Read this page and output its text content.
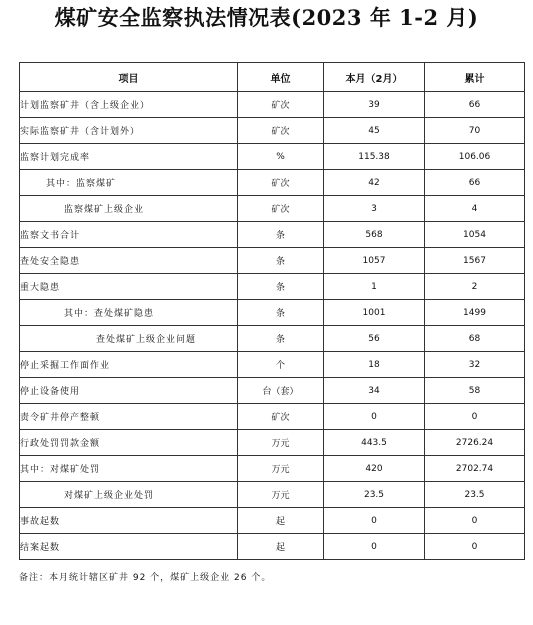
煤矿安全监察执法情况表(2023 年 1-2 月)
项目	单位	本月（2月）	累计
计划监察矿井（含上级企业）	矿次	39	66
实际监察矿井（含计划外）	矿次	45	70
监察计划完成率	%	115.38	106.06
其中：监察煤矿	矿次	42	66
监察煤矿上级企业	矿次	3	4
监察文书合计	条	568	1054
查处安全隐患	条	1057	1567
重大隐患	条	1	2
其中：查处煤矿隐患	条	1001	1499
查处煤矿上级企业问题	条	56	68
停止采掘工作面作业	个	18	32
停止设备使用	台（套）	34	58
责令矿井停产整顿	矿次	0	0
行政处罚罚款金额	万元	443.5	2726.24
其中：对煤矿处罚	万元	420	2702.74
对煤矿上级企业处罚	万元	23.5	23.5
事故起数	起	0	0
结案起数	起	0	0
备注：本月统计辖区矿井 92 个，煤矿上级企业 26 个。
